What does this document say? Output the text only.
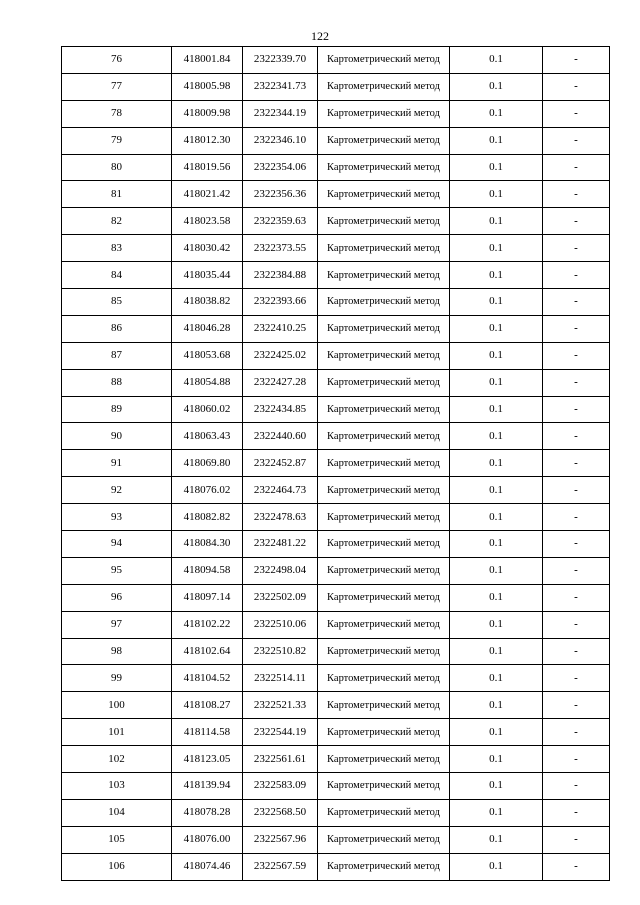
122
76	418001.84	2322339.70	Картометрический метод	0.1	-
77	418005.98	2322341.73	Картометрический метод	0.1	-
78	418009.98	2322344.19	Картометрический метод	0.1	-
79	418012.30	2322346.10	Картометрический метод	0.1	-
80	418019.56	2322354.06	Картометрический метод	0.1	-
81	418021.42	2322356.36	Картометрический метод	0.1	-
82	418023.58	2322359.63	Картометрический метод	0.1	-
83	418030.42	2322373.55	Картометрический метод	0.1	-
84	418035.44	2322384.88	Картометрический метод	0.1	-
85	418038.82	2322393.66	Картометрический метод	0.1	-
86	418046.28	2322410.25	Картометрический метод	0.1	-
87	418053.68	2322425.02	Картометрический метод	0.1	-
88	418054.88	2322427.28	Картометрический метод	0.1	-
89	418060.02	2322434.85	Картометрический метод	0.1	-
90	418063.43	2322440.60	Картометрический метод	0.1	-
91	418069.80	2322452.87	Картометрический метод	0.1	-
92	418076.02	2322464.73	Картометрический метод	0.1	-
93	418082.82	2322478.63	Картометрический метод	0.1	-
94	418084.30	2322481.22	Картометрический метод	0.1	-
95	418094.58	2322498.04	Картометрический метод	0.1	-
96	418097.14	2322502.09	Картометрический метод	0.1	-
97	418102.22	2322510.06	Картометрический метод	0.1	-
98	418102.64	2322510.82	Картометрический метод	0.1	-
99	418104.52	2322514.11	Картометрический метод	0.1	-
100	418108.27	2322521.33	Картометрический метод	0.1	-
101	418114.58	2322544.19	Картометрический метод	0.1	-
102	418123.05	2322561.61	Картометрический метод	0.1	-
103	418139.94	2322583.09	Картометрический метод	0.1	-
104	418078.28	2322568.50	Картометрический метод	0.1	-
105	418076.00	2322567.96	Картометрический метод	0.1	-
106	418074.46	2322567.59	Картометрический метод	0.1	-
